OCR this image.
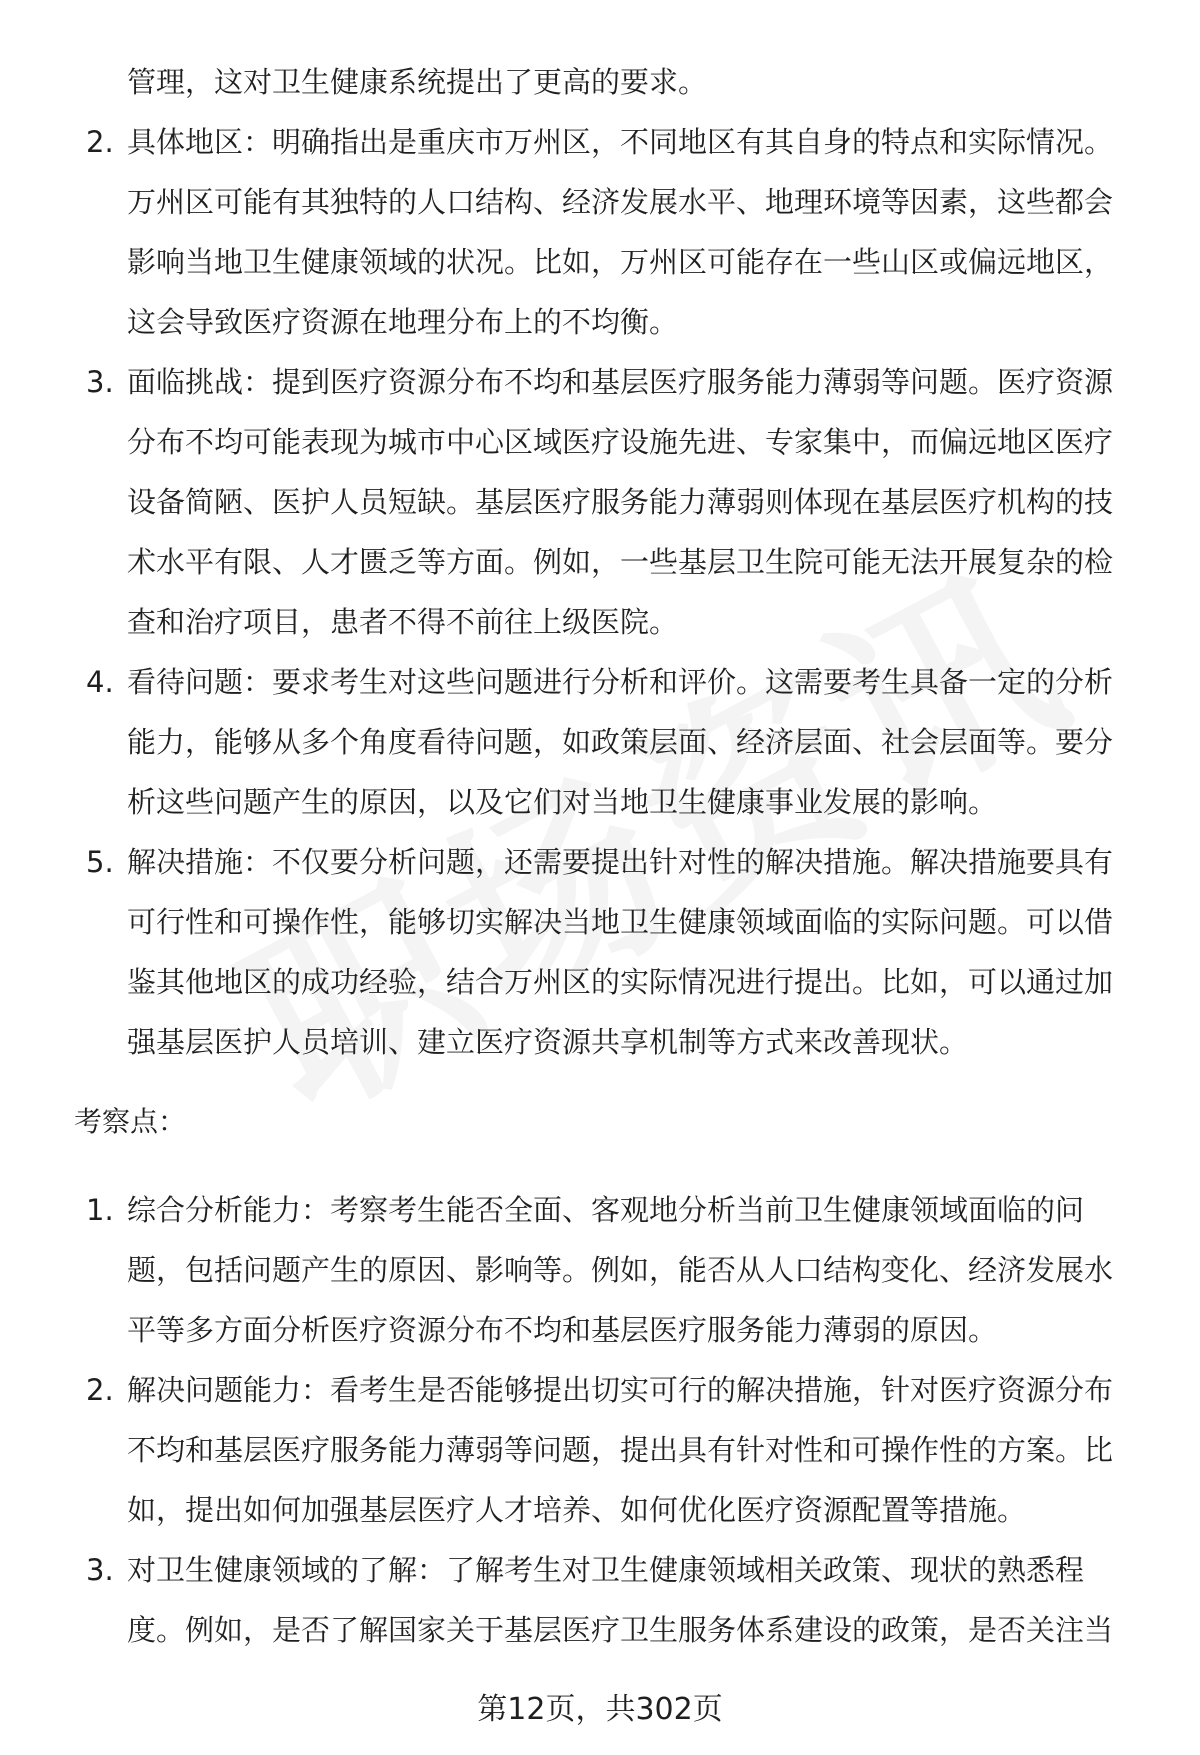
管理，这对卫生健康系统提出了更高的要求。
2. 具体地区：明确指出是重庆市万州区，不同地区有其自身的特点和实际情况。
万州区可能有其独特的人口结构、经济发展水平、地理环境等因素，这些都会
影响当地卫生健康领域的状况。比如，万州区可能存在一些山区或偏远地区，
这会导致医疗资源在地理分布上的不均衡。
3. 面临挑战：提到医疗资源分布不均和基层医疗服务能力薄弱等问题。医疗资源
分布不均可能表现为城市中心区域医疗设施先进、专家集中，而偏远地区医疗
设备简陋、医护人员短缺。基层医疗服务能力薄弱则体现在基层医疗机构的技
术水平有限、人才匮乏等方面。例如，一些基层卫生院可能无法开展复杂的检
查和治疗项目，患者不得不前往上级医院。
4. 看待问题：要求考生对这些问题进行分析和评价。这需要考生具备一定的分析
能力，能够从多个角度看待问题，如政策层面、经济层面、社会层面等。要分
析这些问题产生的原因，以及它们对当地卫生健康事业发展的影响。
5. 解决措施：不仅要分析问题，还需要提出针对性的解决措施。解决措施要具有
可行性和可操作性，能够切实解决当地卫生健康领域面临的实际问题。可以借
鉴其他地区的成功经验，结合万州区的实际情况进行提出。比如，可以通过加
强基层医护人员培训、建立医疗资源共享机制等方式来改善现状。
考察点：
1. 综合分析能力：考察考生能否全面、客观地分析当前卫生健康领域面临的问
题，包括问题产生的原因、影响等。例如，能否从人口结构变化、经济发展水
平等多方面分析医疗资源分布不均和基层医疗服务能力薄弱的原因。
2. 解决问题能力：看考生是否能够提出切实可行的解决措施，针对医疗资源分布
不均和基层医疗服务能力薄弱等问题，提出具有针对性和可操作性的方案。比
如，提出如何加强基层医疗人才培养、如何优化医疗资源配置等措施。
3. 对卫生健康领域的了解：了解考生对卫生健康领域相关政策、现状的熟悉程
度。例如，是否了解国家关于基层医疗卫生服务体系建设的政策，是否关注当
第12页，共302页
